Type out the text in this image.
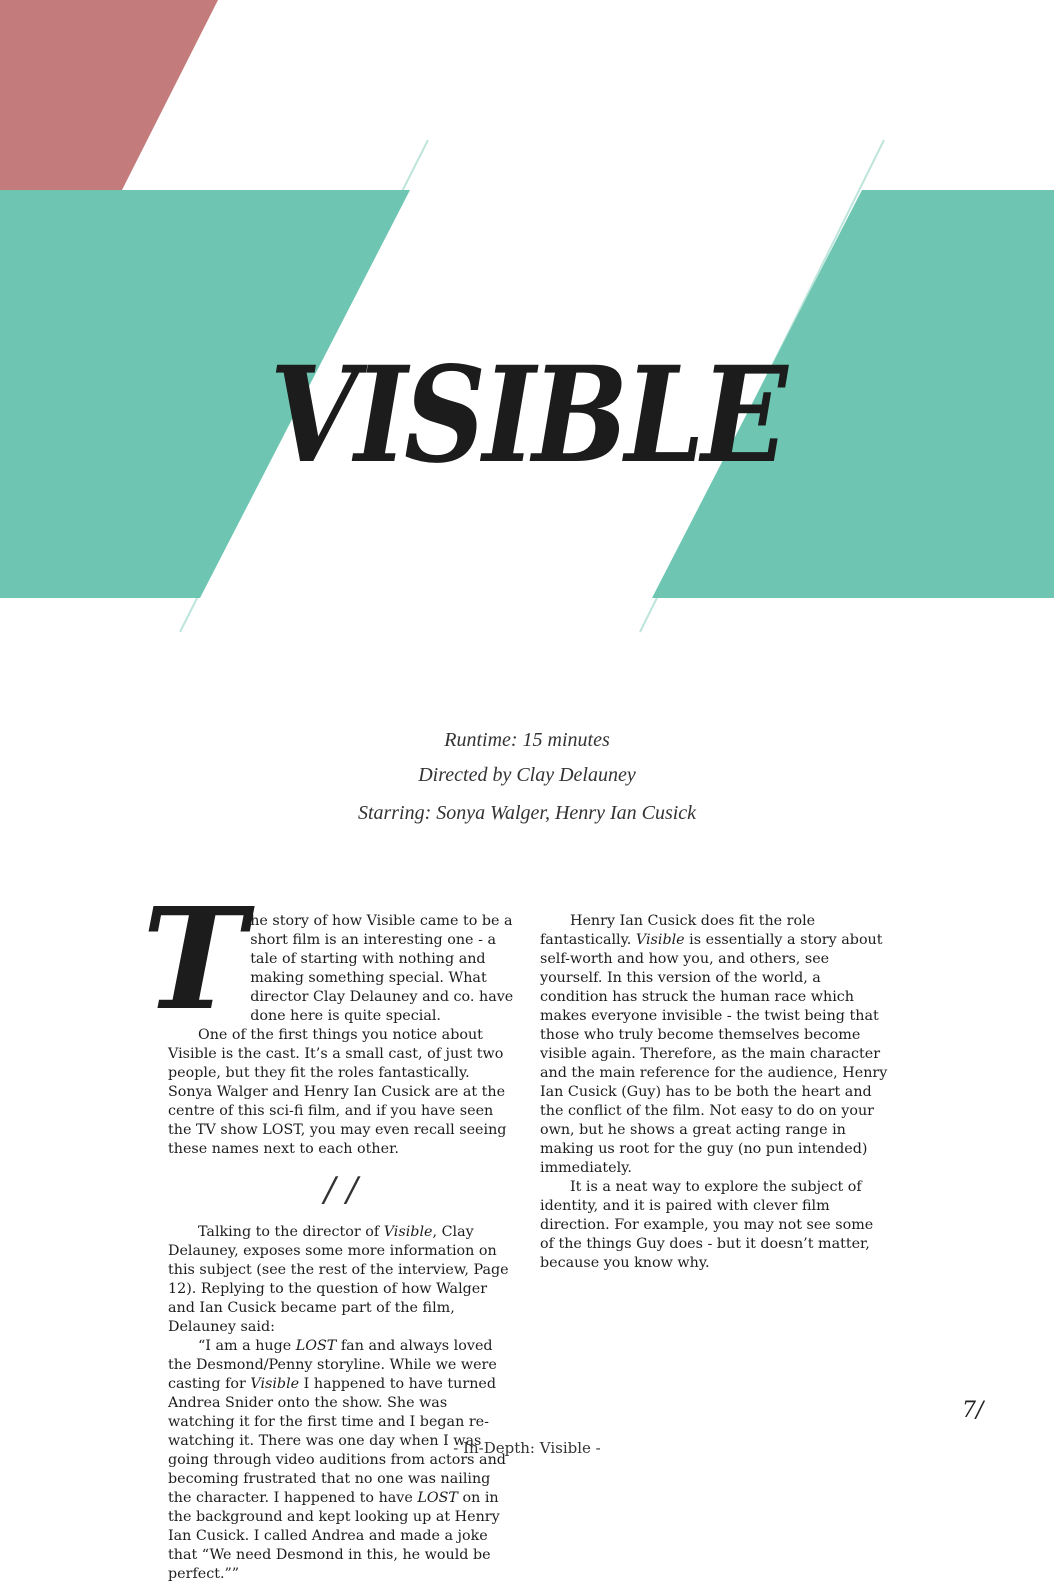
VISIBLE
Runtime: 15 minutes
Directed by Clay Delauney
Starring: Sonya Walger, Henry Ian Cusick

The story of how Visible came to be a short film is an interesting one - a tale of starting with nothing and making something special. What director Clay Delauney and co. have done here is quite special.

One of the first things you notice about Visible is the cast. It’s a small cast, of just two people, but they fit the roles fantastically. Sonya Walger and Henry Ian Cusick are at the centre of this sci-fi film, and if you have seen the TV show LOST, you may even recall seeing these names next to each other.

/ /

Talking to the director of Visible, Clay Delauney, exposes some more information on this subject (see the rest of the interview, Page 12). Replying to the question of how Walger and Ian Cusick became part of the film, Delauney said:

“I am a huge LOST fan and always loved the Desmond/Penny storyline. While we were casting for Visible I happened to have turned Andrea Snider onto the show. She was watching it for the first time and I began re-watching it. There was one day when I was going through video auditions from actors and becoming frustrated that no one was nailing the character. I happened to have LOST on in the background and kept looking up at Henry Ian Cusick. I called Andrea and made a joke that “We need Desmond in this, he would be perfect.””

Henry Ian Cusick does fit the role fantastically. Visible is essentially a story about self-worth and how you, and others, see yourself. In this version of the world, a condition has struck the human race which makes everyone invisible - the twist being that those who truly become themselves become visible again. Therefore, as the main character and the main reference for the audience, Henry Ian Cusick (Guy) has to be both the heart and the conflict of the film. Not easy to do on your own, but he shows a great acting range in making us root for the guy (no pun intended) immediately.

It is a neat way to explore the subject of identity, and it is paired with clever film direction. For example, you may not see some of the things Guy does - but it doesn’t matter, because you know why.

7/
- In-Depth: Visible -
